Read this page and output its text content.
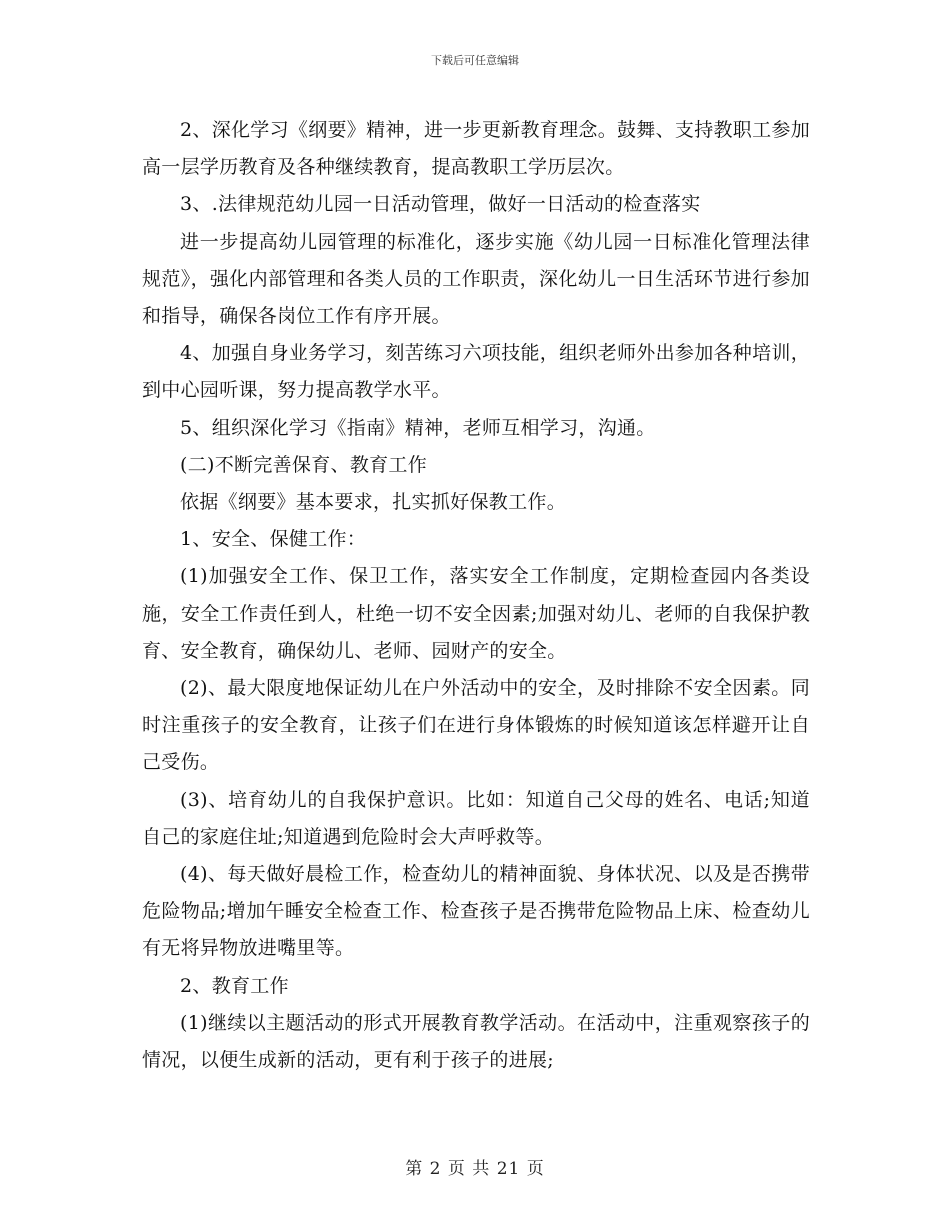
下载后可任意编辑

2、深化学习《纲要》精神，进一步更新教育理念。鼓舞、支持教职工参加高一层学历教育及各种继续教育，提高教职工学历层次。

3、.法律规范幼儿园一日活动管理，做好一日活动的检查落实

进一步提高幼儿园管理的标准化，逐步实施《幼儿园一日标准化管理法律规范》，强化内部管理和各类人员的工作职责，深化幼儿一日生活环节进行参加和指导，确保各岗位工作有序开展。

4、加强自身业务学习，刻苦练习六项技能，组织老师外出参加各种培训，到中心园听课，努力提高教学水平。

5、组织深化学习《指南》精神，老师互相学习，沟通。

(二)不断完善保育、教育工作

依据《纲要》基本要求，扎实抓好保教工作。

1、安全、保健工作：

(1)加强安全工作、保卫工作，落实安全工作制度，定期检查园内各类设施，安全工作责任到人，杜绝一切不安全因素;加强对幼儿、老师的自我保护教育、安全教育，确保幼儿、老师、园财产的安全。

(2)、最大限度地保证幼儿在户外活动中的安全，及时排除不安全因素。同时注重孩子的安全教育，让孩子们在进行身体锻炼的时候知道该怎样避开让自己受伤。

(3)、培育幼儿的自我保护意识。比如：知道自己父母的姓名、电话;知道自己的家庭住址;知道遇到危险时会大声呼救等。

(4)、每天做好晨检工作，检查幼儿的精神面貌、身体状况、以及是否携带危险物品;增加午睡安全检查工作、检查孩子是否携带危险物品上床、检查幼儿有无将异物放进嘴里等。

2、教育工作

(1)继续以主题活动的形式开展教育教学活动。在活动中，注重观察孩子的情况，以便生成新的活动，更有利于孩子的进展;

第 2 页 共 21 页
